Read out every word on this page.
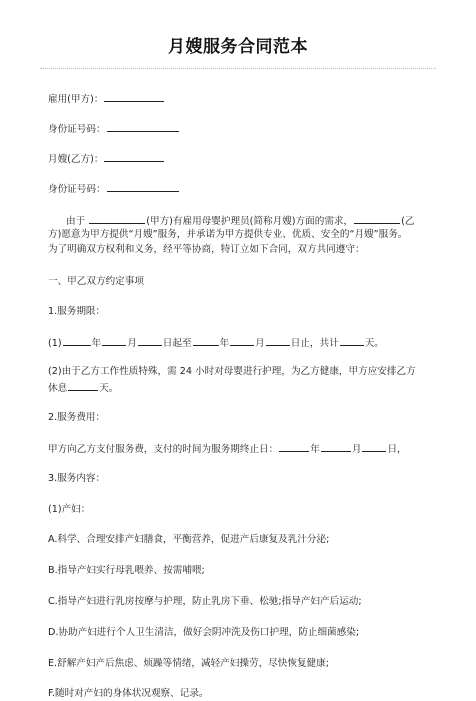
月嫂服务合同范本
雇用(甲方)：
身份证号码：
月嫂(乙方)：
身份证号码：
由于	(甲方)有雇用母婴护理员(简称月嫂)方面的需求，	(乙
方)愿意为甲方提供“月嫂”服务，并承诺为甲方提供专业、优质、安全的“月嫂”服务。
为了明确双方权利和义务，经平等协商，特订立如下合同，双方共同遵守：
一、甲乙双方约定事项
1.服务期限：
(1)	年	月	日起至	年	月	日止，共计	天。
(2)由于乙方工作性质特殊，需 24 小时对母婴进行护理，为乙方健康，甲方应安排乙方
休息	天。
2.服务费用：
甲方向乙方支付服务费，支付的时间为服务期终止日：	年	月	日，
3.服务内容：
(1)产妇：
A.科学、合理安排产妇膳食，平衡营养，促进产后康复及乳汁分泌;
B.指导产妇实行母乳喂养、按需哺喂;
C.指导产妇进行乳房按摩与护理，防止乳房下垂、松驰;指导产妇产后运动;
D.协助产妇进行个人卫生清洁，做好会阴冲洗及伤口护理，防止细菌感染;
E.舒解产妇产后焦虑、烦躁等情绪，减轻产妇操劳，尽快恢复健康;
F.随时对产妇的身体状况观察、记录。
